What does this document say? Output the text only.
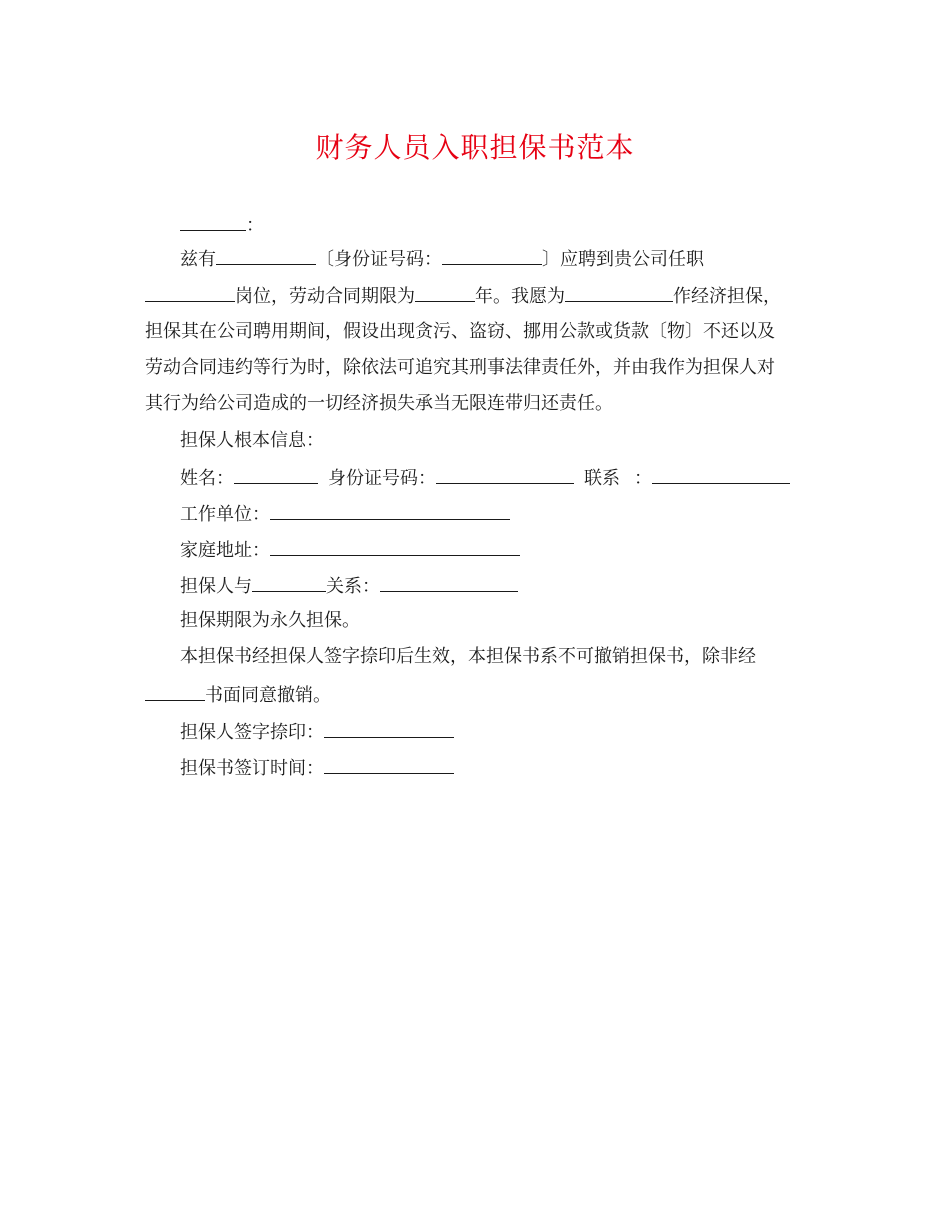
财务人员入职担保书范本
：
兹有	〔身份证号码：	〕应聘到贵公司任职
岗位，劳动合同期限为	年。我愿为	作经济担保，
担保其在公司聘用期间，假设出现贪污、盗窃、挪用公款或货款〔物〕不还以及
劳动合同违约等行为时，除依法可追究其刑事法律责任外，并由我作为担保人对
其行为给公司造成的一切经济损失承当无限连带归还责任。
担保人根本信息：
姓名：	身份证号码：	联系 ：
工作单位：
家庭地址：
担保人与	关系：
担保期限为永久担保。
本担保书经担保人签字捺印后生效，本担保书系不可撤销担保书，除非经
书面同意撤销。
担保人签字捺印：
担保书签订时间：
